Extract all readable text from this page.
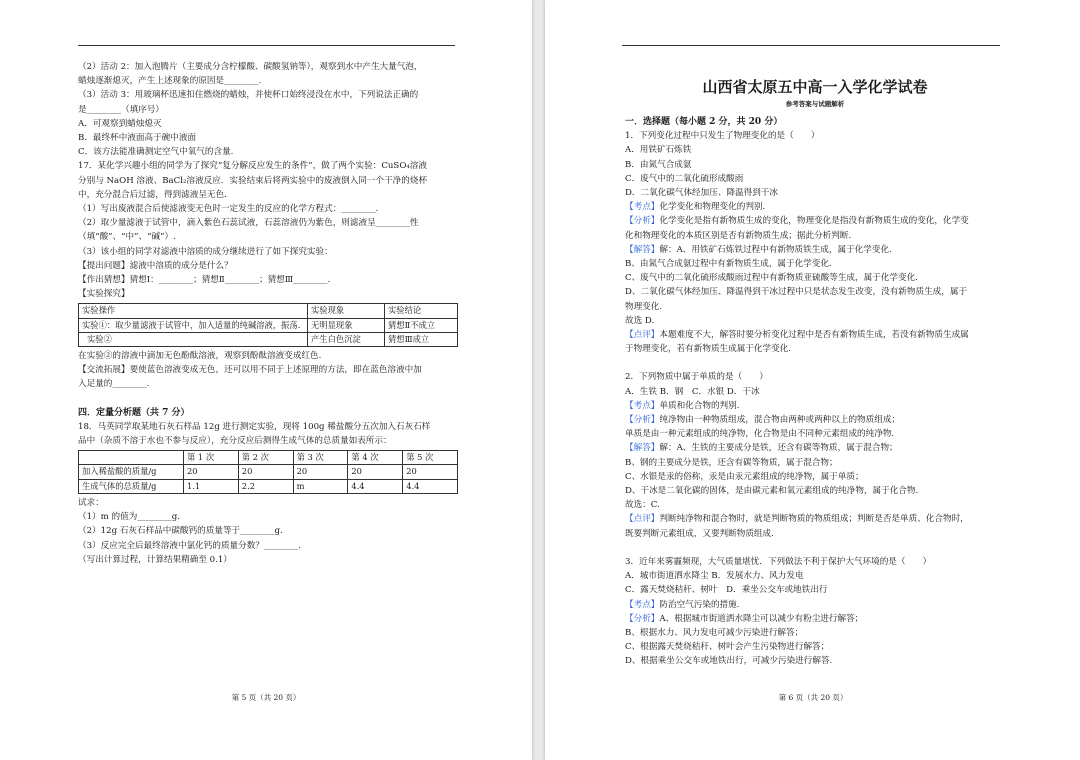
（2）活动 2：加入泡腾片（主要成分含柠檬酸、碳酸氢钠等），观察到水中产生大量气泡，
蜡烛逐渐熄灭，产生上述现象的原因是________.
（3）活动 3：用玻璃杯迅速扣住燃烧的蜡烛，并使杯口始终浸没在水中，下列说法正确的
是________（填序号）
A．可观察到蜡烛熄灭
B．最终杯中液面高于碗中液面
C．该方法能准确测定空气中氧气的含量.
17．某化学兴趣小组的同学为了探究“复分解反应发生的条件”，做了两个实验：CuSO₄溶液
分别与 NaOH 溶液、BaCl₂溶液反应．实验结束后将两实验中的废液倒入同一个干净的烧杯
中，充分混合后过滤，得到滤液呈无色．
（1）写出废液混合后使滤液变无色时一定发生的反应的化学方程式：________.
（2）取少量滤液于试管中，滴入紫色石蕊试液，石蕊溶液仍为紫色，则滤液呈________性
（填“酸”、“中”、“碱”）.
（3）该小组的同学对滤液中溶质的成分继续进行了如下探究实验：
【提出问题】滤液中溶质的成分是什么？
【作出猜想】猜想Ⅰ：________；猜想Ⅱ________；猜想Ⅲ________.
【实验探究】
实验操作	实验现象	实验结论
实验①：取少量滤液于试管中，加入适量的纯碱溶液，振荡.	无明显现象	猜想Ⅱ不成立
实验②	产生白色沉淀	猜想Ⅲ成立
在实验②的溶液中滴加无色酚酞溶液，观察到酚酞溶液变成红色.
【交流拓展】要使蓝色溶液变成无色，还可以用不同于上述原理的方法，即在蓝色溶液中加
入足量的________.
四．定量分析题（共 7 分）
18．马英同学取某地石灰石样品 12g 进行测定实验，现将 100g 稀盐酸分五次加入石灰石样
品中（杂质不溶于水也不参与反应），充分反应后测得生成气体的总质量如表所示：
	第 1 次	第 2 次	第 3 次	第 4 次	第 5 次
加入稀盐酸的质量/g	20	20	20	20	20
生成气体的总质量/g	1.1	2.2	m	4.4	4.4
试求：
（1）m 的值为________g.
（2）12g 石灰石样品中碳酸钙的质量等于________g.
（3）反应完全后最终溶液中氯化钙的质量分数？________.
（写出计算过程，计算结果精确至 0.1）
第 5 页（共 20 页）
山西省太原五中高一入学化学试卷
参考答案与试题解析
一．选择题（每小题 2 分，共 20 分）
1．下列变化过程中只发生了物理变化的是（　　）
A．用铁矿石炼铁
B．由氮气合成氨
C．废气中的二氧化硫形成酸雨
D．二氧化碳气体经加压、降温得到干冰
【考点】化学变化和物理变化的判别.
【分析】化学变化是指有新物质生成的变化，物理变化是指没有新物质生成的变化，化学变
化和物理变化的本质区别是否有新物质生成；据此分析判断.
【解答】解：A、用铁矿石炼铁过程中有新物质铁生成，属于化学变化.
B、由氮气合成氨过程中有新物质生成，属于化学变化.
C、废气中的二氧化硫形成酸雨过程中有新物质亚硫酸等生成，属于化学变化.
D、二氧化碳气体经加压、降温得到干冰过程中只是状态发生改变，没有新物质生成，属于
物理变化.
故选 D.
【点评】本题难度不大，解答时要分析变化过程中是否有新物质生成，若没有新物质生成属
于物理变化，若有新物质生成属于化学变化.
2．下列物质中属于单质的是（　　）
A．生铁 B．钢　C．水银 D．干冰
【考点】单质和化合物的判别.
【分析】纯净物由一种物质组成，混合物由两种或两种以上的物质组成；
单质是由一种元素组成的纯净物，化合物是由不同种元素组成的纯净物.
【解答】解：A、生铁的主要成分是铁，还含有碳等物质，属于混合物；
B、钢的主要成分是铁，还含有碳等物质，属于混合物；
C、水银是汞的俗称，汞是由汞元素组成的纯净物，属于单质；
D、干冰是二氧化碳的固体，是由碳元素和氧元素组成的纯净物，属于化合物.
故选：C.
【点评】判断纯净物和混合物时，就是判断物质的物质组成；判断是否是单质、化合物时，
既要判断元素组成，又要判断物质组成.
3．近年来雾霾频现，大气质量堪忧．下列做法不利于保护大气环境的是（　　）
A．城市街道洒水降尘 B．发展水力、风力发电
C．露天焚烧秸秆、树叶　D．乘坐公交车或地铁出行
【考点】防治空气污染的措施.
【分析】A、根据城市街道洒水降尘可以减少有粉尘进行解答；
B、根据水力、风力发电可减少污染进行解答；
C、根据露天焚烧秸秆、树叶会产生污染物进行解答；
D、根据乘坐公交车或地铁出行，可减少污染进行解答.
第 6 页（共 20 页）
